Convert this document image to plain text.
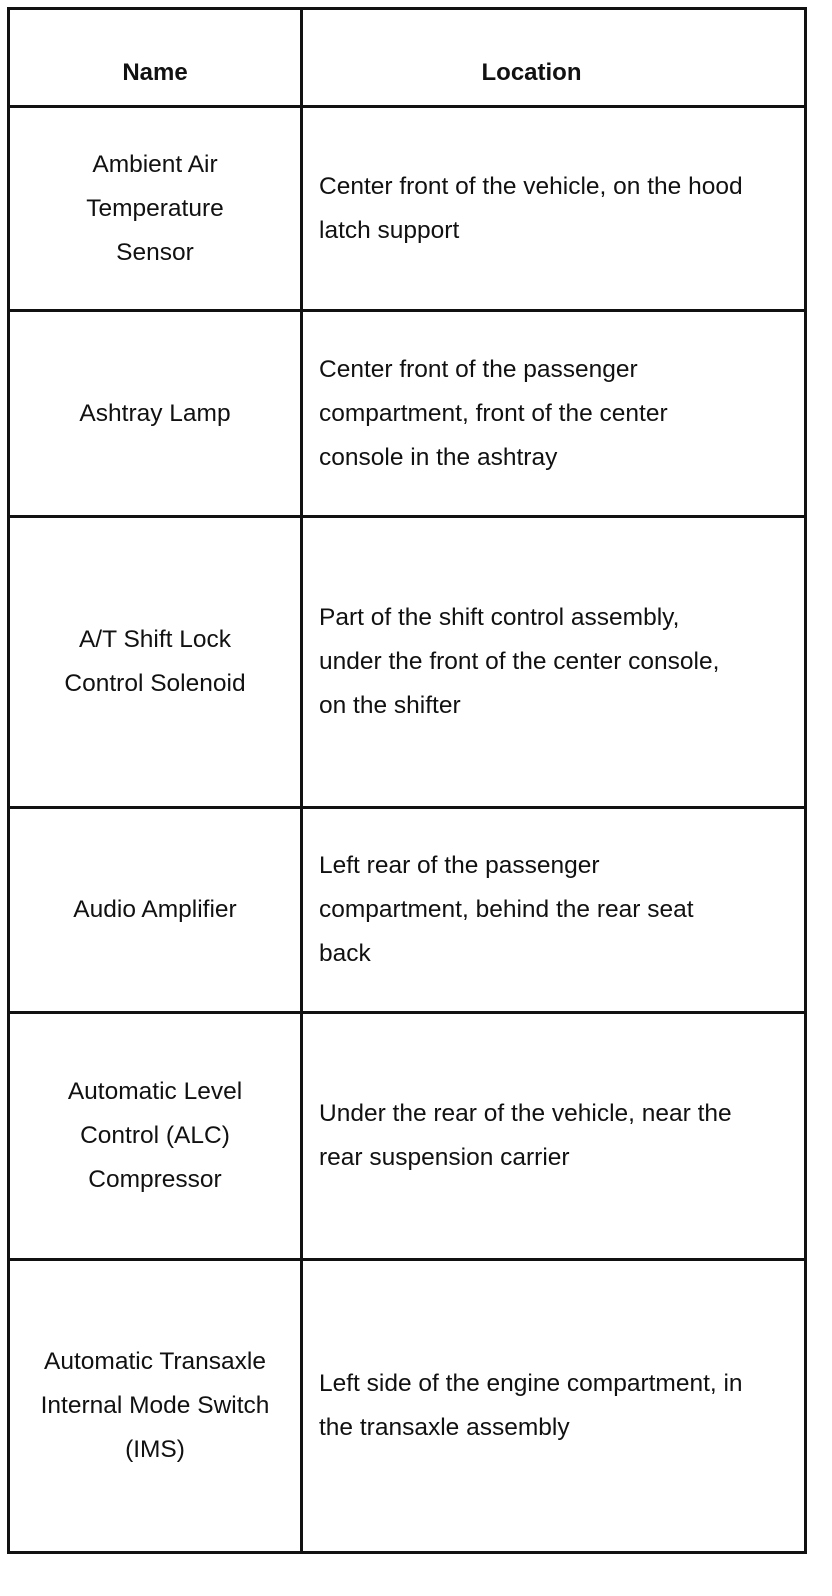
Name	Location
Ambient Air Temperature Sensor
Center front of the vehicle, on the hood latch support
Ashtray Lamp
Center front of the passenger compartment, front of the center console in the ashtray
A/T Shift Lock Control Solenoid
Part of the shift control assembly, under the front of the center console, on the shifter
Audio Amplifier
Left rear of the passenger compartment, behind the rear seat back
Automatic Level Control (ALC) Compressor
Under the rear of the vehicle, near the rear suspension carrier
Automatic Transaxle Internal Mode Switch (IMS)
Left side of the engine compartment, in the transaxle assembly
